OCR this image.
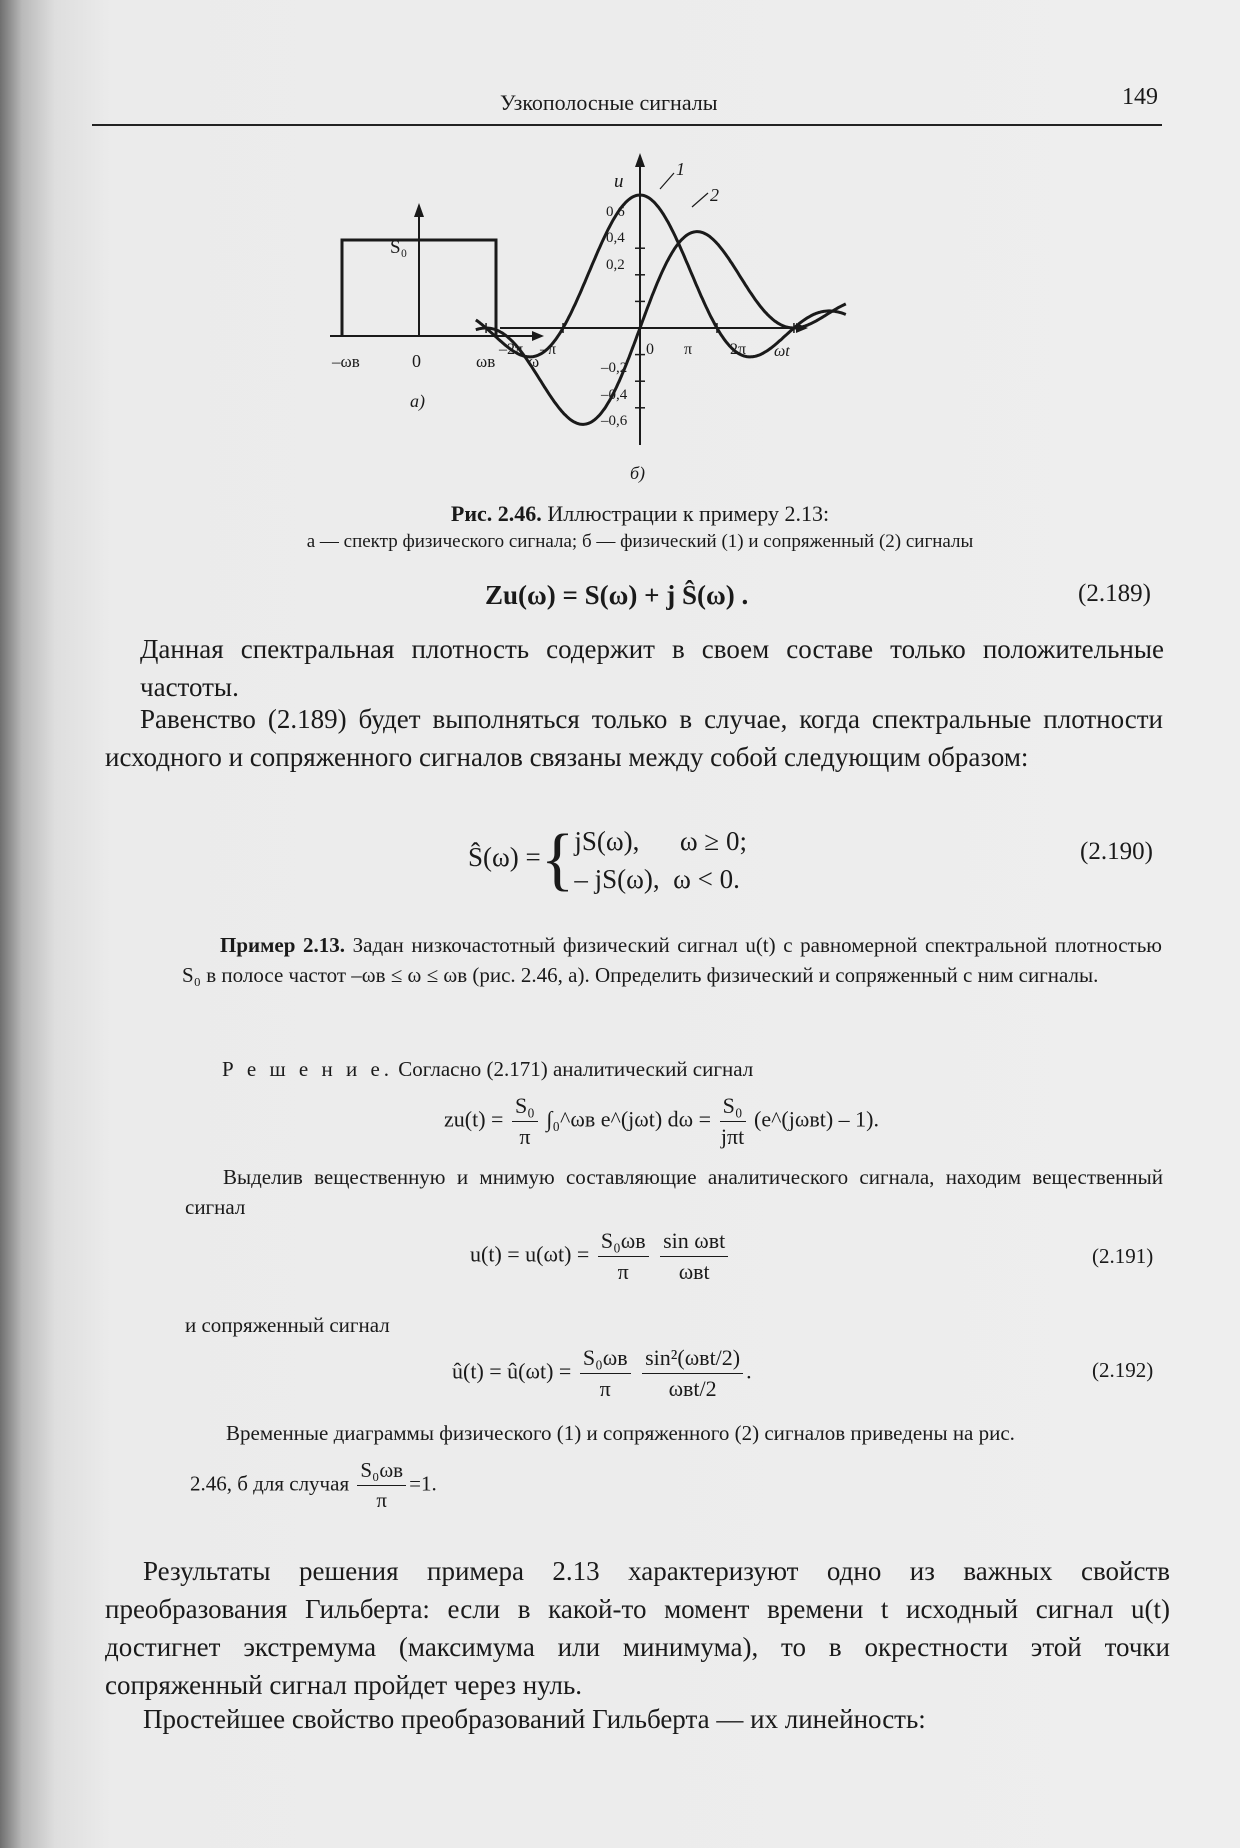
Узкополосные сигналы	149
S₀
–ωв	0	ωв ω
а)
u
ωt
–2π –π	0 π 2π
0,6
0,4
0,2
–0,2
–0,4
–0,6
1
2
б)
Рис. 2.46. Иллюстрации к примеру 2.13:
а — спектр физического сигнала; б — физический (1) и сопряженный (2) сигналы
Zu(ω) = S(ω) + j Ŝ(ω) .	(2.189)
Данная спектральная плотность содержит в своем составе только положительные частоты.
Равенство (2.189) будет выполняться только в случае, когда спектральные плотности исходного и сопряженного сигналов связаны между собой следующим образом:
Ŝ(ω) ={ jS(ω),      ω ≥ 0;
– jS(ω),  ω < 0.
(2.190)
Пример 2.13. Задан низкочастотный физический сигнал u(t) с равномерной спектральной плотностью S₀ в полосе частот –ωв ≤ ω ≤ ωв (рис. 2.46, а). Определить физический и сопряженный с ним сигналы.
Р е ш е н и е. Согласно (2.171) аналитический сигнал
$zu(t) = \frac{\text{S₀}}{\pi}$ ∫₀^ωв e^(jωt) $d\omega = \frac{\text{S₀}}{\text{jπt}}$ (e^(jωвt) – 1).
Выделив вещественную и мнимую составляющие аналитического сигнала, находим вещественный сигнал
$u(t) = u(\omega t) = \frac{\text{S₀ωв}}{\pi}$
$\frac{\text{sin ωвt}}{\text{ωвt}}$	(2.191)
и сопряженный сигнал
û(t) = û(ωt) = $\frac{\text{S₀ωв}}{\pi}$
$\frac{\text{sin²(ωвt/2)}}{\text{ωвt/2}}$ .	(2.192)
Временные диаграммы физического (1) и сопряженного (2) сигналов приведены на рис.
2.46, б для случая $\frac{\text{S₀ωв}}{\pi} =1$.
Результаты решения примера 2.13 характеризуют одно из важных свойств преобразования Гильберта: если в какой-то момент времени t исходный сигнал u(t) достигнет экстремума (максимума или минимума), то в окрестности этой точки сопряженный сигнал пройдет через нуль.
Простейшее свойство преобразований Гильберта — их линейность:
